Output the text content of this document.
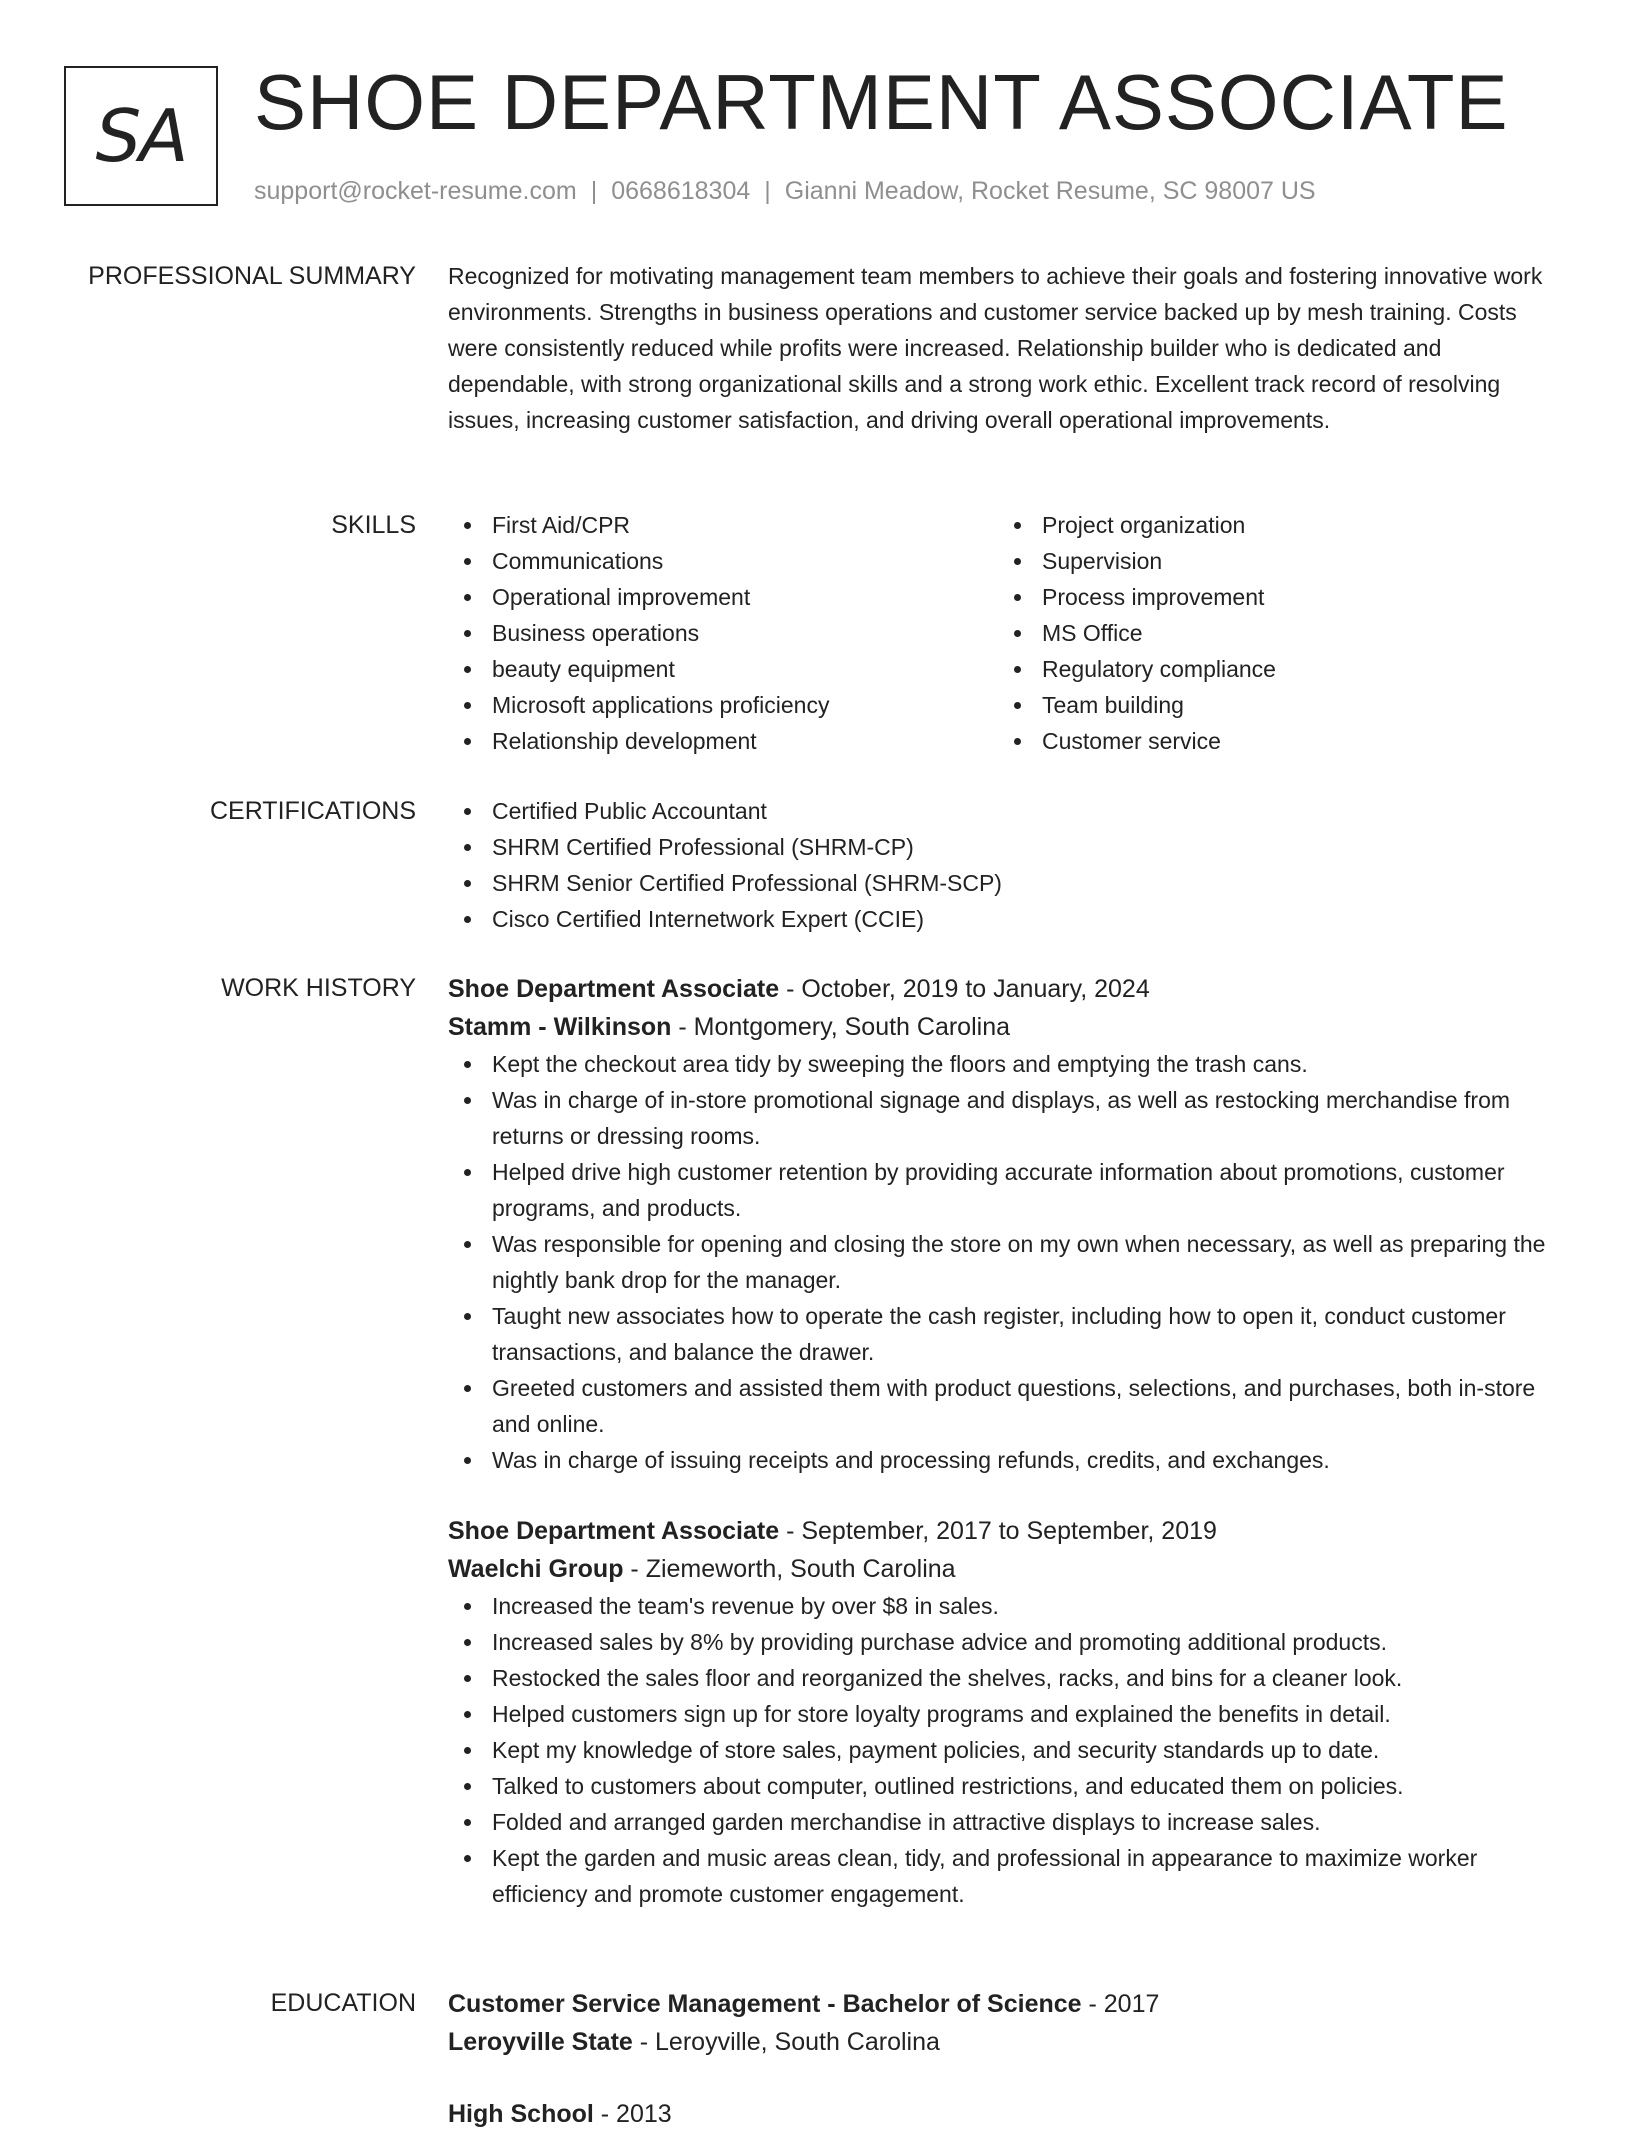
SA SHOE DEPARTMENT ASSOCIATE
support@rocket-resume.com | 0668618304 | Gianni Meadow, Rocket Resume, SC 98007 US
PROFESSIONAL SUMMARY Recognized for motivating management team members to achieve their goals and fostering innovative work environments. Strengths in business operations and customer service backed up by mesh training. Costs were consistently reduced while profits were increased. Relationship builder who is dedicated and dependable, with strong organizational skills and a strong work ethic. Excellent track record of resolving issues, increasing customer satisfaction, and driving overall operational improvements.

SKILLS	First Aid/CPR
Communications
Operational improvement
Business operations
beauty equipment
Microsoft applications proficiency
Relationship development
Project organization
Supervision
Process improvement
MS Office
Regulatory compliance
Team building
Customer service
CERTIFICATIONS	Certified Public Accountant
SHRM Certified Professional (SHRM-CP)
SHRM Senior Certified Professional (SHRM-SCP)
Cisco Certified Internetwork Expert (CCIE)
WORK HISTORY Shoe Department Associate - October, 2019 to January, 2024
Stamm - Wilkinson - Montgomery, South Carolina
Kept the checkout area tidy by sweeping the floors and emptying the trash cans.
Was in charge of in-store promotional signage and displays, as well as restocking merchandise from returns or dressing rooms.
Helped drive high customer retention by providing accurate information about promotions, customer programs, and products.
Was responsible for opening and closing the store on my own when necessary, as well as preparing the nightly bank drop for the manager.
Taught new associates how to operate the cash register, including how to open it, conduct customer transactions, and balance the drawer.
Greeted customers and assisted them with product questions, selections, and purchases, both in-store and online.
Was in charge of issuing receipts and processing refunds, credits, and exchanges.
Shoe Department Associate - September, 2017 to September, 2019
Waelchi Group - Ziemeworth, South Carolina
Increased the team's revenue by over $8 in sales.
Increased sales by 8% by providing purchase advice and promoting additional products.
Restocked the sales floor and reorganized the shelves, racks, and bins for a cleaner look.
Helped customers sign up for store loyalty programs and explained the benefits in detail.
Kept my knowledge of store sales, payment policies, and security standards up to date.
Talked to customers about computer, outlined restrictions, and educated them on policies.
Folded and arranged garden merchandise in attractive displays to increase sales.
Kept the garden and music areas clean, tidy, and professional in appearance to maximize worker efficiency and promote customer engagement.
EDUCATION Customer Service Management - Bachelor of Science - 2017
Leroyville State - Leroyville, South Carolina
High School - 2013
